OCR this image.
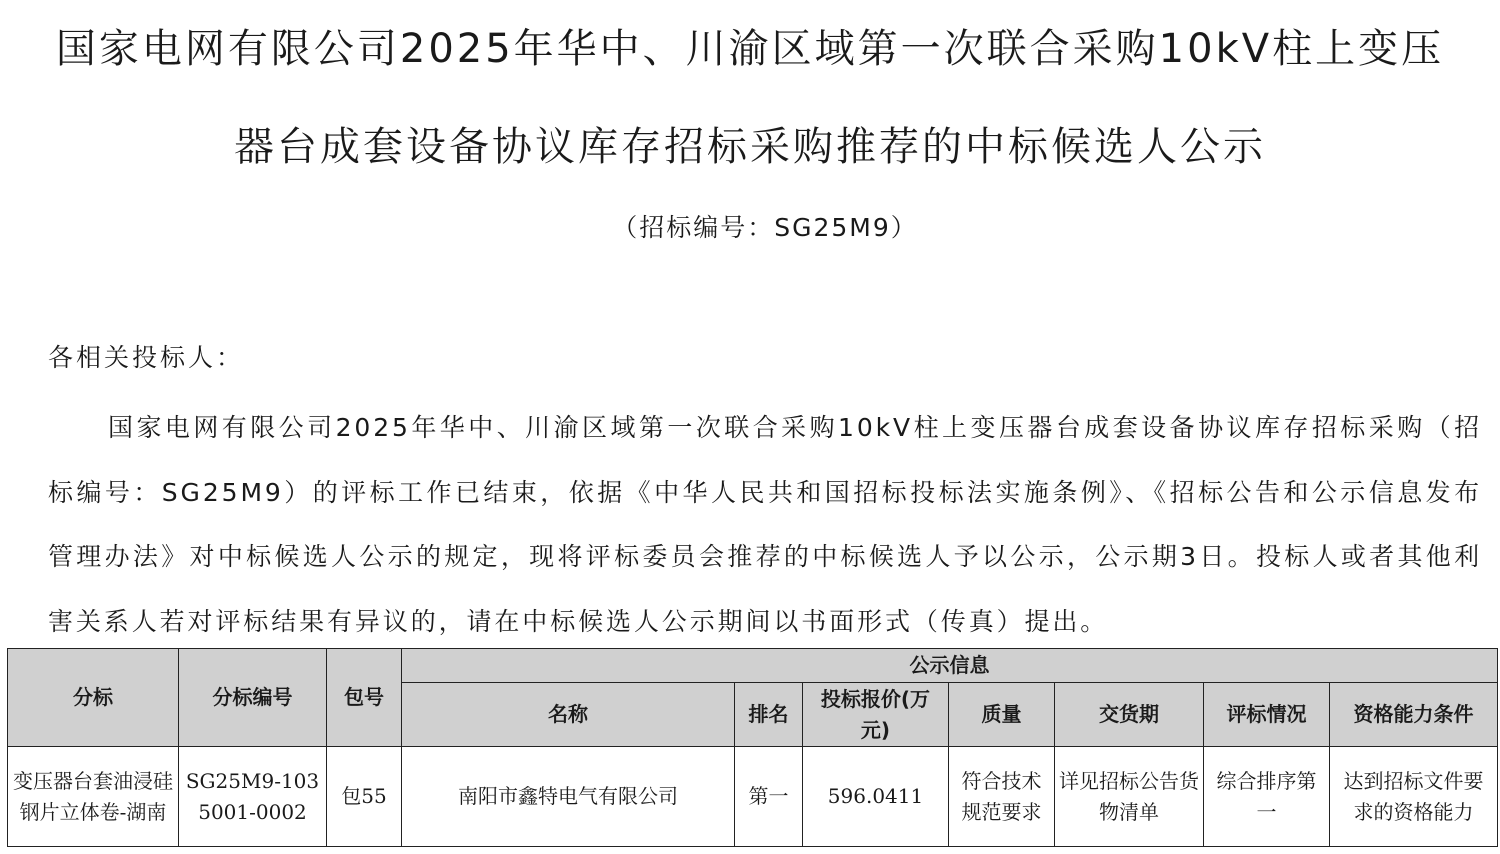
国家电网有限公司2025年华中、川渝区域第一次联合采购10kV柱上变压
器台成套设备协议库存招标采购推荐的中标候选人公示
（招标编号：SG25M9）
各相关投标人：

国家电网有限公司2025年华中、川渝区域第一次联合采购10kV柱上变压器台成套设备协议库存招标采购（招标编号：SG25M9）的评标工作已结束，依据《中华人民共和国招标投标法实施条例》、《招标公告和公示信息发布管理办法》对中标候选人公示的规定，现将评标委员会推荐的中标候选人予以公示，公示期3日。投标人或者其他利害关系人若对评标结果有异议的，请在中标候选人公示期间以书面形式（传真）提出。

分标	分标编号	包号	公示信息						
			名称	排名	投标报价(万元)	质量	交货期	评标情况	资格能力条件
变压器台套油浸硅钢片立体卷-湖南	SG25M9-1035001-0002	包55	南阳市鑫特电气有限公司	第一	596.0411	符合技术规范要求	详见招标公告货物清单	综合排序第一	达到招标文件要求的资格能力
